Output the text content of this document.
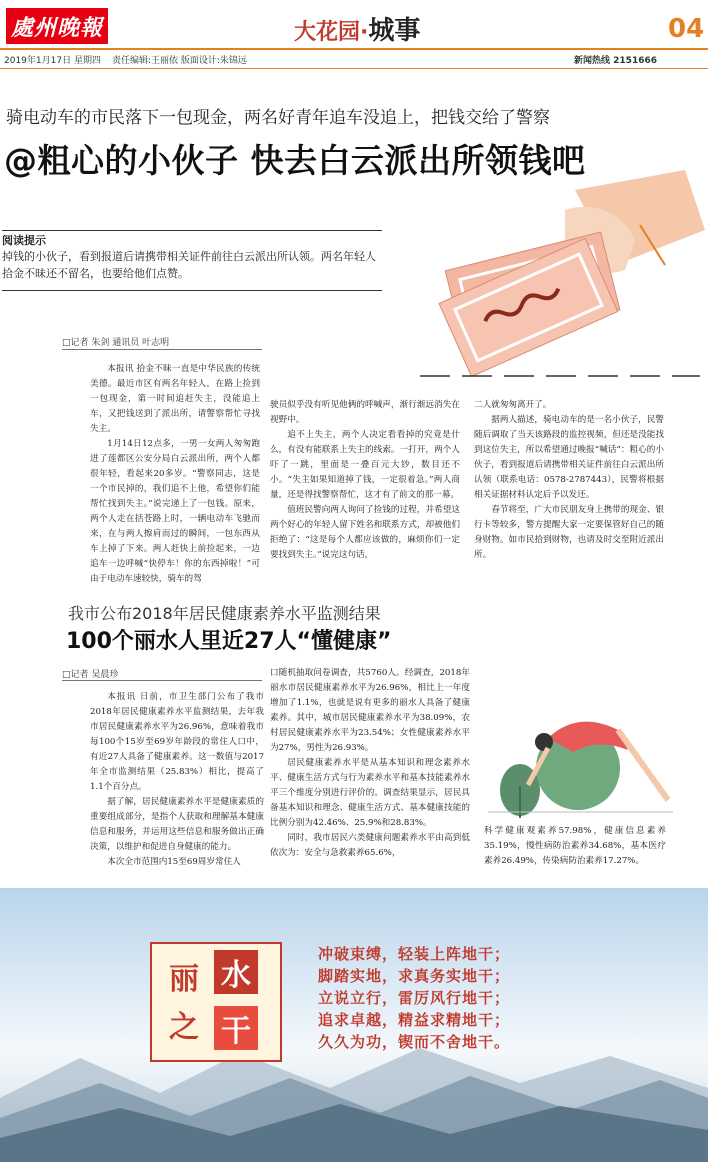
處州晚報	大花园·城事	04
2019年1月17日 星期四 责任编辑:王丽依 版面设计:朱锦远	新闻热线 2151666
骑电动车的市民落下一包现金，两名好青年追车没追上，把钱交给了警察
@粗心的小伙子 快去白云派出所领钱吧
阅读提示
掉钱的小伙子，看到报道后请携带相关证件前往白云派出所认领。两名年轻人拾金不昧还不留名，也要给他们点赞。
□记者 朱剑 通讯员 叶志明

本报讯 拾金不昧一直是中华民族的传统美德。最近市区有两名年轻人，在路上捡到一包现金，第一时间追赶失主，没能追上车，又把钱送到了派出所，请警察帮忙寻找失主。

1月14日12点多，一男一女两人匆匆跑进了莲都区公安分局白云派出所，两个人都很年轻，看起来20多岁。“警察同志，这是一个市民掉的，我们追不上他，希望你们能帮忙找到失主。”说完递上了一包钱。原来，两个人走在括苍路上时，一辆电动车飞驰而来，在与两人擦肩而过的瞬间，一包东西从车上掉了下来。两人赶快上前捡起来，一边追车一边呼喊“快停车！你的东西掉啦！”可由于电动车速较快，骑车的驾

驶员似乎没有听见他俩的呼喊声，渐行渐远消失在视野中。

追不上失主，两个人决定看看掉的究竟是什么，有没有能联系上失主的线索。一打开，两个人吓了一跳，里面是一叠百元大钞，数目还不小。“失主如果知道掉了钱，一定很着急。”两人商量，还是得找警察帮忙，这才有了前文的那一幕。

值班民警向两人询问了捡钱的过程，并希望这两个好心的年轻人留下姓名和联系方式，却被他们拒绝了：“这是每个人都应该做的，麻烦你们一定要找到失主。”说完这句话，

二人就匆匆离开了。

据两人描述，骑电动车的是一名小伙子，民警随后调取了当天该路段的监控视频，但还是没能找到这位失主，所以希望通过晚报“喊话”：粗心的小伙子，看到报道后请携带相关证件前往白云派出所认领（联系电话：0578-2787443），民警将根据相关证据材料认定后予以发还。

春节将至，广大市民朋友身上携带的现金、银行卡等较多，警方提醒大家一定要保管好自己的随身财物。如市民拾到财物，也请及时交至附近派出所。

我市公布2018年居民健康素养水平监测结果
100个丽水人里近27人“懂健康”
□记者 吴晨珍

本报讯 日前，市卫生部门公布了我市2018年居民健康素养水平监测结果，去年我市居民健康素养水平为26.96%，意味着我市每100个15岁至69岁年龄段的常住人口中，有近27人具备了健康素养。这一数值与2017年全市监测结果（25.83%）相比，提高了1.1个百分点。

据了解，居民健康素养水平是健康素质的重要组成部分，是指个人获取和理解基本健康信息和服务，并运用这些信息和服务做出正确决策，以维护和促进自身健康的能力。

本次全市范围内15至69周岁常住人

口随机抽取问卷调查，共5760人。经调查，2018年丽水市居民健康素养水平为26.96%，相比上一年度增加了1.1%，也就是说有更多的丽水人具备了健康素养。其中，城市居民健康素养水平为38.09%，农村居民健康素养水平为23.54%；女性健康素养水平为27%，男性为26.93%。

居民健康素养水平是从基本知识和理念素养水平、健康生活方式与行为素养水平和基本技能素养水平三个维度分别进行评价的。调查结果显示，居民具备基本知识和理念、健康生活方式、基本健康技能的比例分别为42.46%、25.9%和28.83%。

同时，我市居民六类健康问题素养水平由高到低依次为：安全与急救素养65.6%，

科学健康观素养57.98%，健康信息素养35.19%，慢性病防治素养34.68%，基本医疗素养26.49%，传染病防治素养17.27%。

丽 水
之 干
冲破束缚，轻装上阵地干；
脚踏实地，求真务实地干；
立说立行，雷厉风行地干；
追求卓越，精益求精地干；
久久为功，锲而不舍地干。
